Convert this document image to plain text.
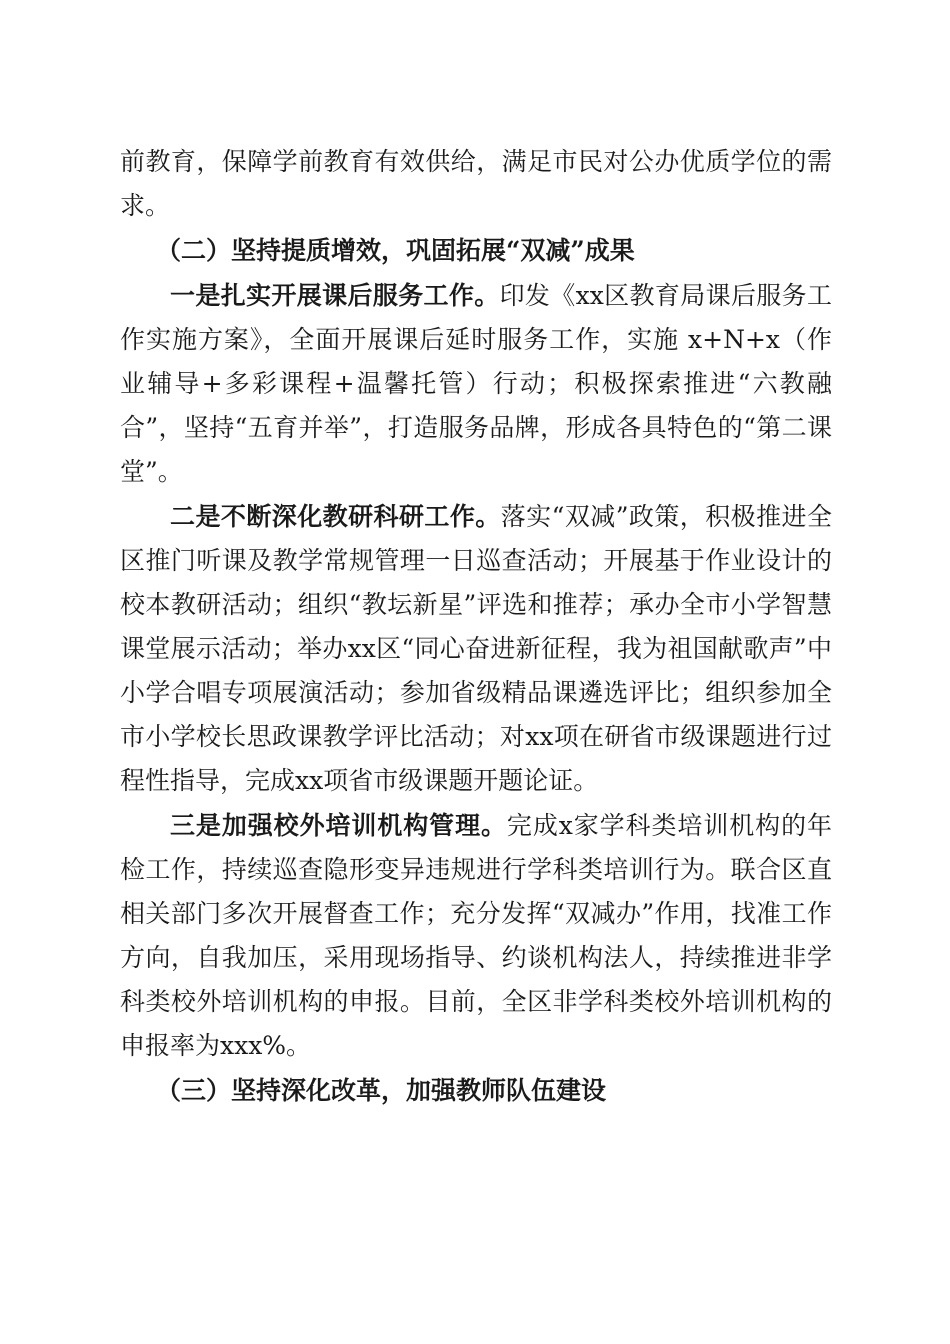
前教育，保障学前教育有效供给，满足市民对公办优质学位的需求。

（二）坚持提质增效，巩固拓展“双减”成果

一是扎实开展课后服务工作。印发《xx区教育局课后服务工作实施方案》，全面开展课后延时服务工作，实施 x+N+x（作业辅导+多彩课程+温馨托管）行动；积极探索推进“六教融合”，坚持“五育并举”，打造服务品牌，形成各具特色的“第二课堂”。

二是不断深化教研科研工作。落实“双减”政策，积极推进全区推门听课及教学常规管理一日巡查活动；开展基于作业设计的校本教研活动；组织“教坛新星”评选和推荐；承办全市小学智慧课堂展示活动；举办xx区“同心奋进新征程，我为祖国献歌声”中小学合唱专项展演活动；参加省级精品课遴选评比；组织参加全市小学校长思政课教学评比活动；对xx项在研省市级课题进行过程性指导，完成xx项省市级课题开题论证。

三是加强校外培训机构管理。完成x家学科类培训机构的年检工作，持续巡查隐形变异违规进行学科类培训行为。联合区直相关部门多次开展督查工作；充分发挥“双减办”作用，找准工作方向，自我加压，采用现场指导、约谈机构法人，持续推进非学科类校外培训机构的申报。目前，全区非学科类校外培训机构的申报率为xxx%。

（三）坚持深化改革，加强教师队伍建设
